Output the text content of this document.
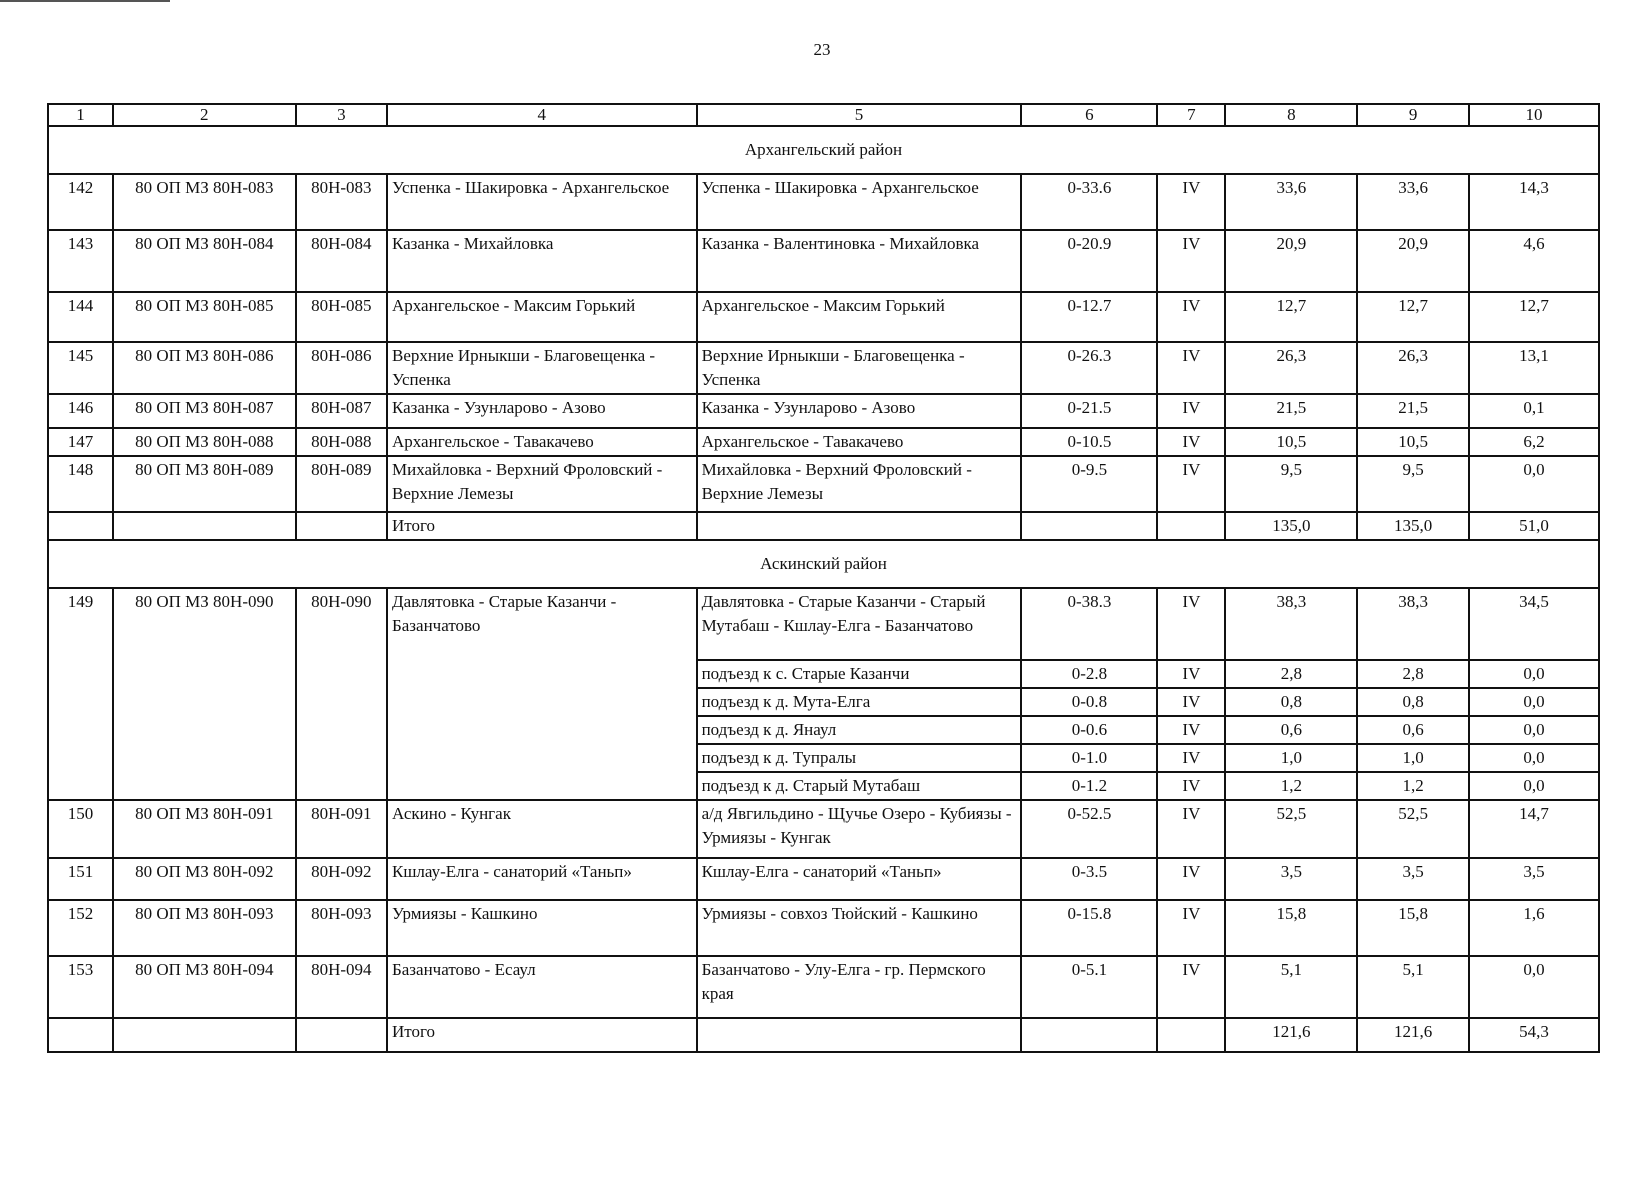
23
1	2	3	4	5	6	7	8	9	10
Архангельский район									
142	80 ОП МЗ 80Н-083	80Н-083	Успенка - Шакировка - Архангельское	Успенка - Шакировка - Архангельское	0-33.6	IV	33,6	33,6	14,3
143	80 ОП МЗ 80Н-084	80Н-084	Казанка - Михайловка	Казанка - Валентиновка - Михайловка	0-20.9	IV	20,9	20,9	4,6
144	80 ОП МЗ 80Н-085	80Н-085	Архангельское - Максим Горький	Архангельское - Максим Горький	0-12.7	IV	12,7	12,7	12,7
145	80 ОП МЗ 80Н-086	80Н-086	Верхние Ирныкши - Благовещенка - Успенка	Верхние Ирныкши - Благовещенка - Успенка	0-26.3	IV	26,3	26,3	13,1
146	80 ОП МЗ 80Н-087	80Н-087	Казанка - Узунларово - Азово	Казанка - Узунларово - Азово	0-21.5	IV	21,5	21,5	0,1
147	80 ОП МЗ 80Н-088	80Н-088	Архангельское - Тавакачево	Архангельское - Тавакачево	0-10.5	IV	10,5	10,5	6,2
148	80 ОП МЗ 80Н-089	80Н-089	Михайловка - Верхний Фроловский - Верхние Лемезы	Михайловка - Верхний Фроловский - Верхние Лемезы	0-9.5	IV	9,5	9,5	0,0
			Итого				135,0	135,0	51,0
Аскинский район									
149	80 ОП МЗ 80Н-090	80Н-090	Давлятовка - Старые Казанчи - Базанчатово	Давлятовка - Старые Казанчи - Старый Мутабаш - Кшлау-Елга - Базанчатово	0-38.3	IV	38,3	38,3	34,5
				подъезд к с. Старые Казанчи	0-2.8	IV	2,8	2,8	0,0
				подъезд к д. Мута-Елга	0-0.8	IV	0,8	0,8	0,0
				подъезд к д. Янаул	0-0.6	IV	0,6	0,6	0,0
				подъезд к д. Тупралы	0-1.0	IV	1,0	1,0	0,0
				подъезд к д. Старый Мутабаш	0-1.2	IV	1,2	1,2	0,0
150	80 ОП МЗ 80Н-091	80Н-091	Аскино - Кунгак	а/д Явгильдино - Щучье Озеро - Кубиязы - Урмиязы - Кунгак	0-52.5	IV	52,5	52,5	14,7
151	80 ОП МЗ 80Н-092	80Н-092	Кшлау-Елга - санаторий «Таньп»	Кшлау-Елга - санаторий «Таньп»	0-3.5	IV	3,5	3,5	3,5
152	80 ОП МЗ 80Н-093	80Н-093	Урмиязы - Кашкино	Урмиязы - совхоз Тюйский - Кашкино	0-15.8	IV	15,8	15,8	1,6
153	80 ОП МЗ 80Н-094	80Н-094	Базанчатово - Есаул	Базанчатово - Улу-Елга - гр. Пермского края	0-5.1	IV	5,1	5,1	0,0
			Итого				121,6	121,6	54,3
